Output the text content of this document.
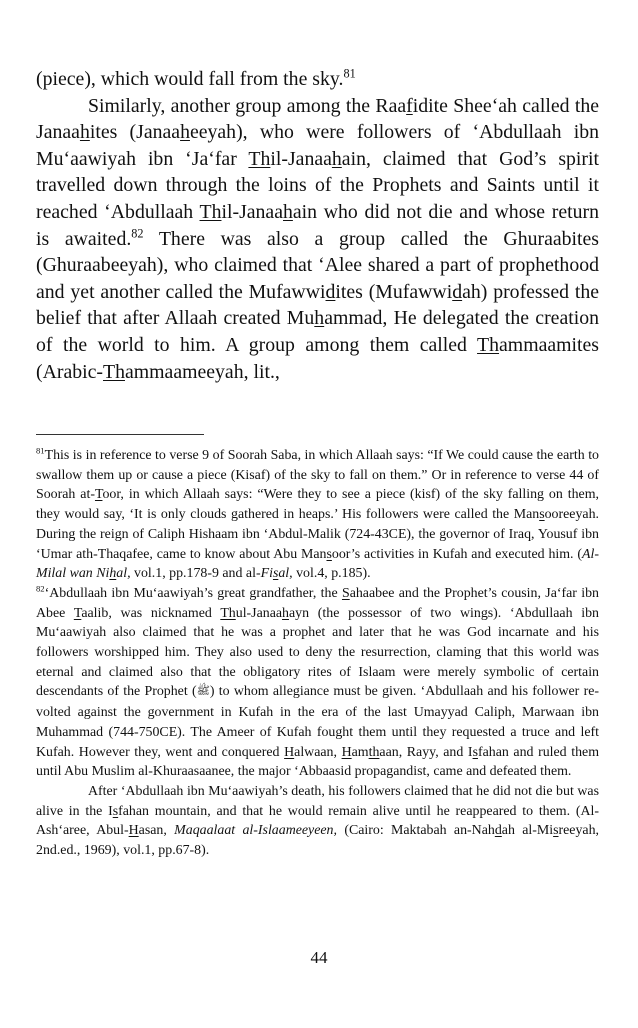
(piece), which would fall from the sky.$^{81}$

Similarly, another group among the Raafidite Shee‘ah called the Janaahites (Janaaheeyah), who were followers of ‘Abdullaah ibn Mu‘aawiyah ibn ‘Ja‘far Thil-Janaahain, claimed that God’s spirit travelled down through the loins of the Prophets and Saints until it reached ‘Abdullaah Thil-Janaahain who did not die and whose return is awaited.$^{82}$ There was also a group called the Ghuraabites (Ghuraabeeyah), who claimed that ‘Alee shared a part of prophethood and yet another called the Mufawwidites (Mufawwidah) professed the belief that after Allaah created Muhammad, He delegated the creation of the world to him. A group among them called Thammaamites (Arabic-Thammaameeyah, lit.,

$^{81}$This is in reference to verse 9 of Soorah Saba, in which Allaah says: “If We could cause the earth to swallow them up or cause a piece (Kisaf) of the sky to fall on them.” Or in reference to verse 44 of Soorah at-Toor, in which Allaah says: “Were they to see a piece (kisf) of the sky falling on them, they would say, ‘It is only clouds gathered in heaps.’ His followers were called the Mansooreeyah. During the reign of Caliph Hishaam ibn ‘Abdul-Malik (724-43CE), the governor of Iraq, Yousuf ibn ‘Umar ath-Thaqafee, came to know about Abu Mansoor’s activities in Kufah and executed him. (Al-Milal wan Nihal, vol.1, pp.178-9 and al-Fisal, vol.4, p.185).

$^{82}$‘Abdullaah ibn Mu‘aawiyah’s great grandfather, the Sahaabee and the Prophet’s cousin, Ja‘far ibn Abee Taalib, was nicknamed Thul-Janaahayn (the possessor of two wings). ‘Abdullaah ibn Mu‘aawiyah also claimed that he was a prophet and later that he was God incarnate and his followers worshipped him. They also used to deny the resurrection, claming that this world was eternal and claimed also that the obligatory rites of Islaam were merely symbolic of certain descendants of the Prophet (ﷺ) to whom allegiance must be given. ‘Abdullaah and his follower re-volted against the government in Kufah in the era of the last Umayyad Caliph, Marwaan ibn Muhammad (744-750CE). The Ameer of Kufah fought them until they requested a truce and left Kufah. However they, went and conquered Halwaan, Hamthaan, Rayy, and Isfahan and ruled them until Abu Muslim al-Khuraasaanee, the major ‘Abbaasid propagandist, came and defeated them.

After ‘Abdullaah ibn Mu‘aawiyah’s death, his followers claimed that he did not die but was alive in the Isfahan mountain, and that he would remain alive until he reappeared to them. (Al-Ash‘aree, Abul-Hasan, Maqaalaat al-Islaameeyeen, (Cairo: Maktabah an-Nahdah al-Misreeyah, 2nd.ed., 1969), vol.1, pp.67-8).

44
